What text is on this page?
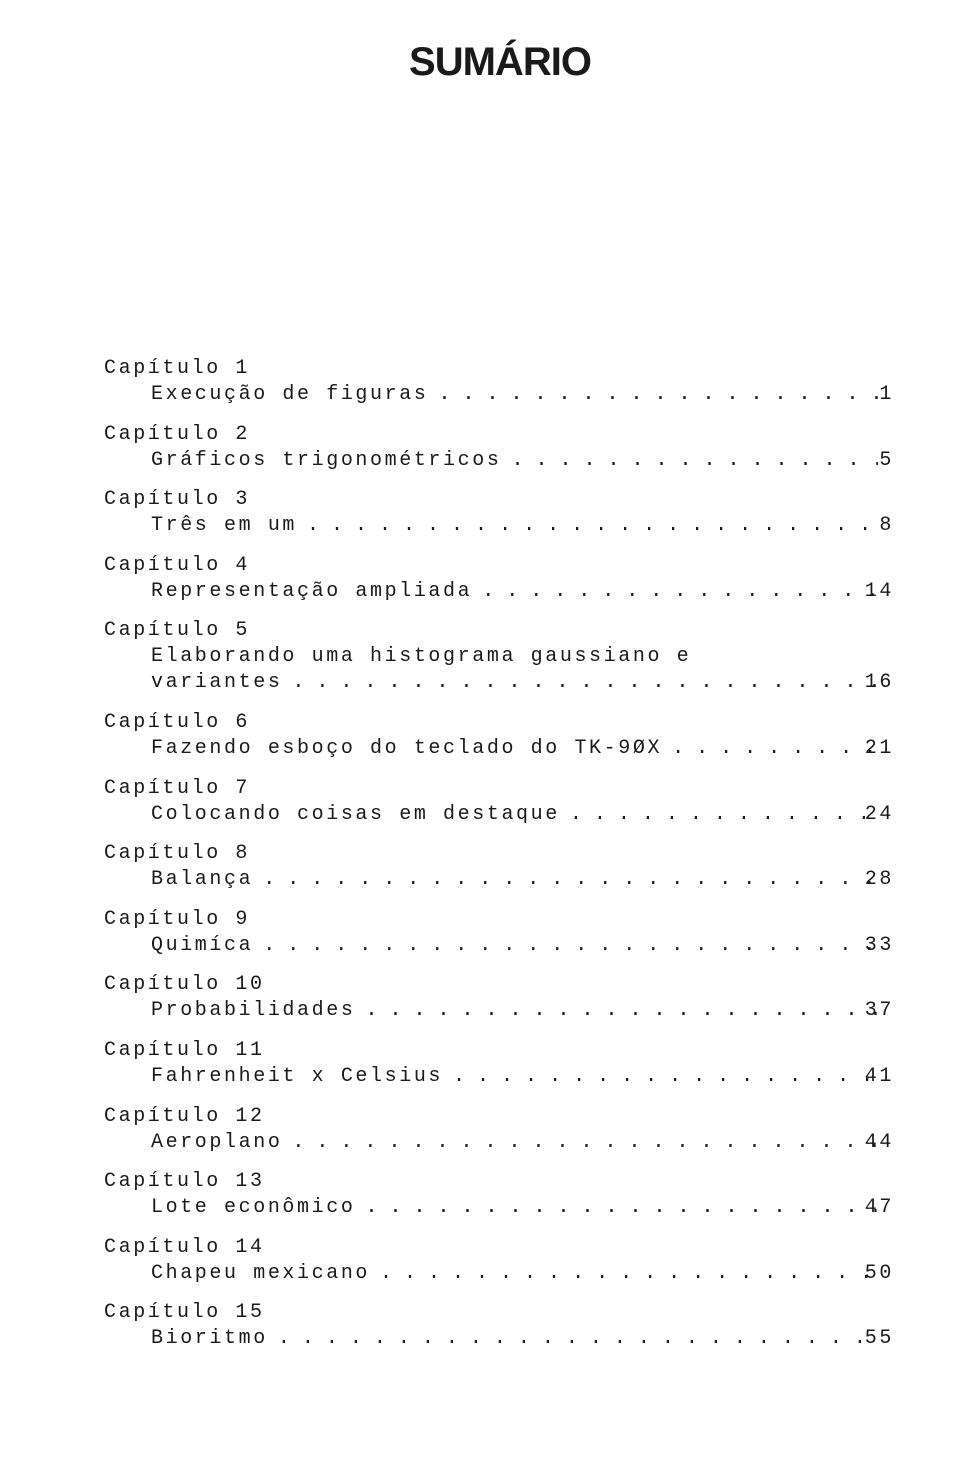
SUMÁRIO
Capítulo 1
Execução de figuras . . .	1
Capítulo 2
Gráficos trigonométricos . . .	5
Capítulo 3
Três em um . . .	8
Capítulo 4
Representação ampliada . . .	14
Capítulo 5
Elaborando uma histograma gaussiano e
variantes . . .	16
Capítulo 6
Fazendo esboço do teclado do TK-9ØX . . .	21
Capítulo 7
Colocando coisas em destaque . . .	24
Capítulo 8
Balança . . .	28
Capítulo 9
Quimíca . . .	33
Capítulo 10
Probabilidades . . .	37
Capítulo 11
Fahrenheit x Celsius . . .	41
Capítulo 12
Aeroplano . . .	44
Capítulo 13
Lote econômico . . .	47
Capítulo 14
Chapeu mexicano . . .	50
Capítulo 15
Bioritmo . . .	55
